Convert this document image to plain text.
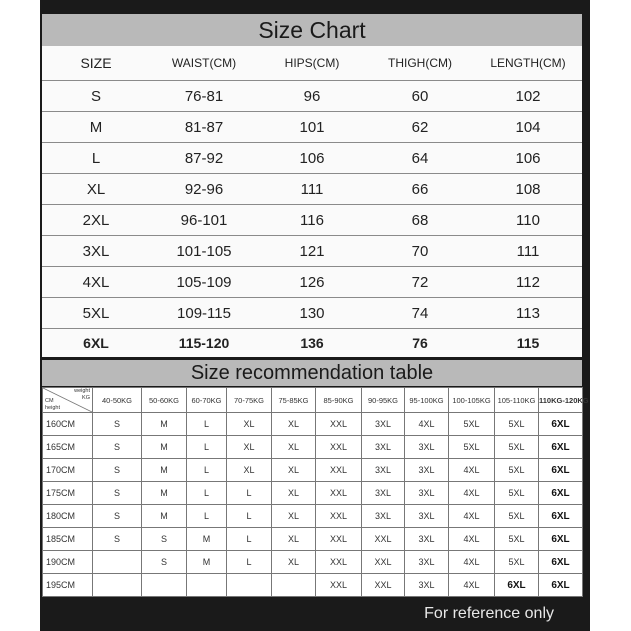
Size Chart
SIZE	WAIST(CM)	HIPS(CM)	THIGH(CM)	LENGTH(CM)
S	76-81	96	60	102
M	81-87	101	62	104
L	87-92	106	64	106
XL	92-96	111	66	108
2XL	96-101	116	68	110
3XL	101-105	121	70	111
4XL	105-109	126	72	112
5XL	109-115	130	74	113
6XL	115-120	136	76	115
Size recommendation table
weight
KG
CM
height	40-50KG	50-60KG	60-70KG	70-75KG	75-85KG	85-90KG	90-95KG	95-100KG	100-105KG	105-110KG	110KG-120KG
160CM	S	M	L	XL	XL	XXL	3XL	4XL	5XL	5XL	6XL
165CM	S	M	L	XL	XL	XXL	3XL	3XL	5XL	5XL	6XL
170CM	S	M	L	XL	XL	XXL	3XL	3XL	4XL	5XL	6XL
175CM	S	M	L	L	XL	XXL	3XL	3XL	4XL	5XL	6XL
180CM	S	M	L	L	XL	XXL	3XL	3XL	4XL	5XL	6XL
185CM	S	S	M	L	XL	XXL	XXL	3XL	4XL	5XL	6XL
190CM		S	M	L	XL	XXL	XXL	3XL	4XL	5XL	6XL
195CM						XXL	XXL	3XL	4XL	6XL	6XL
For reference only
